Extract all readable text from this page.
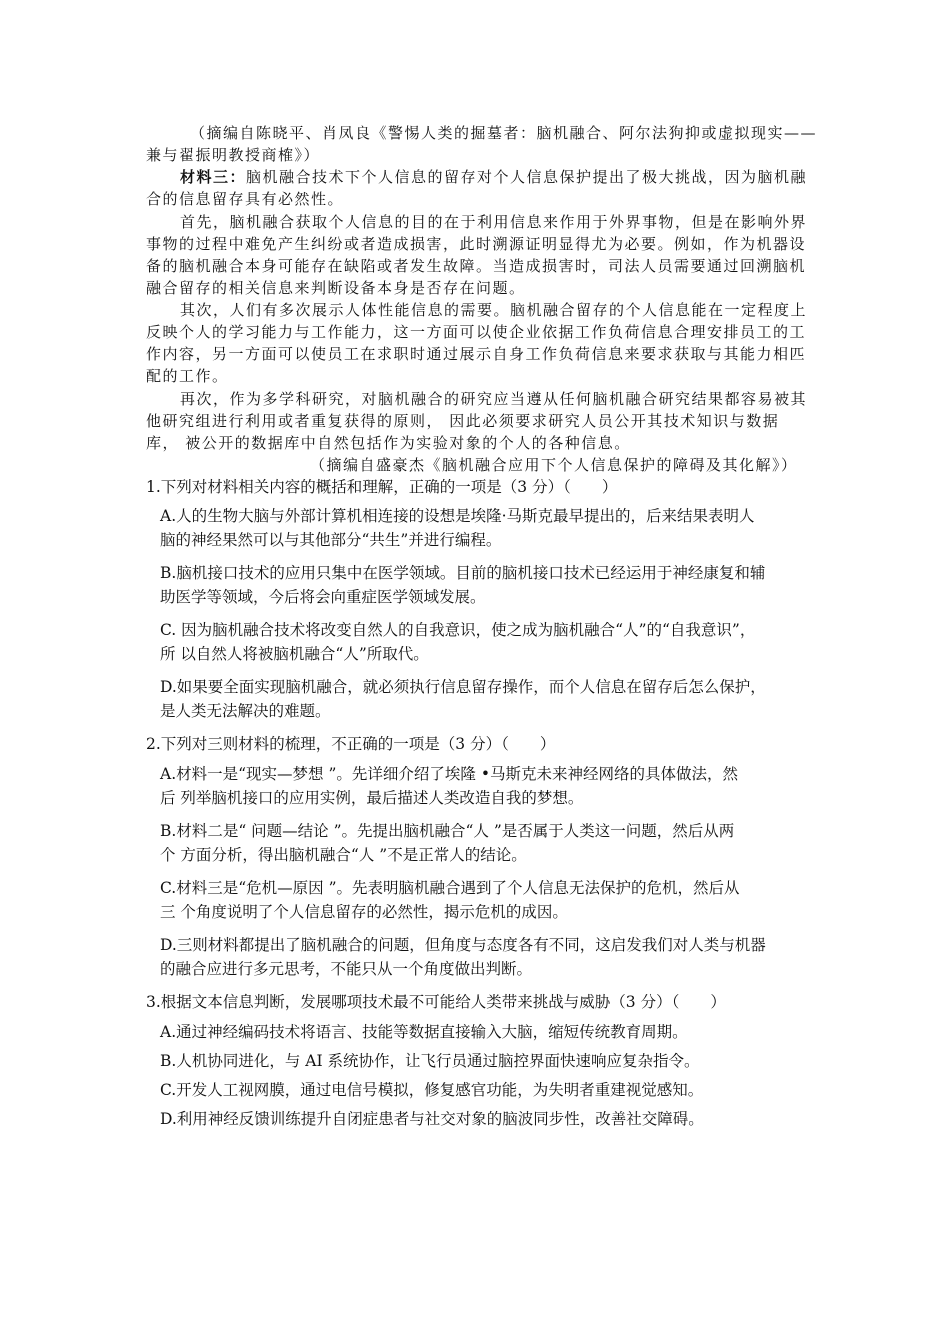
（摘编自陈晓平、肖凤良《警惕人类的掘墓者：脑机融合、阿尔法狗抑或虚拟现实——
兼与翟振明教授商榷》）
材料三：脑机融合技术下个人信息的留存对个人信息保护提出了极大挑战，因为脑机融
合的信息留存具有必然性。
首先，脑机融合获取个人信息的目的在于利用信息来作用于外界事物，但是在影响外界
事物的过程中难免产生纠纷或者造成损害，此时溯源证明显得尤为必要。例如，作为机器设
备的脑机融合本身可能存在缺陷或者发生故障。当造成损害时，司法人员需要通过回溯脑机
融合留存的相关信息来判断设备本身是否存在问题。
其次，人们有多次展示人体性能信息的需要。脑机融合留存的个人信息能在一定程度上
反映个人的学习能力与工作能力，这一方面可以使企业依据工作负荷信息合理安排员工的工
作内容，另一方面可以使员工在求职时通过展示自身工作负荷信息来要求获取与其能力相匹
配的工作。
再次，作为多学科研究，对脑机融合的研究应当遵从任何脑机融合研究结果都容易被其
他研究组进行利用或者重复获得的原则， 因此必须要求研究人员公开其技术知识与数据
库， 被公开的数据库中自然包括作为实验对象的个人的各种信息。
（摘编自盛豪杰《脑机融合应用下个人信息保护的障碍及其化解》）
1.下列对材料相关内容的概括和理解，正确的一项是（3 分）（　　）
A.人的生物大脑与外部计算机相连接的设想是埃隆·马斯克最早提出的，后来结果表明人
脑的神经果然可以与其他部分“共生”并进行编程。
B.脑机接口技术的应用只集中在医学领域。目前的脑机接口技术已经运用于神经康复和辅
助医学等领域，今后将会向重症医学领域发展。
C. 因为脑机融合技术将改变自然人的自我意识，使之成为脑机融合“人”的“自我意识”，
所 以自然人将被脑机融合“人”所取代。
D.如果要全面实现脑机融合，就必须执行信息留存操作，而个人信息在留存后怎么保护，
是人类无法解决的难题。
2.下列对三则材料的梳理，不正确的一项是（3 分）（　　）
A.材料一是“现实—梦想 ”。先详细介绍了埃隆 •马斯克未来神经网络的具体做法，然
后 列举脑机接口的应用实例，最后描述人类改造自我的梦想。
B.材料二是“ 问题—结论 ”。先提出脑机融合“人 ”是否属于人类这一问题，然后从两
个 方面分析，得出脑机融合“人 ”不是正常人的结论。
C.材料三是“危机—原因 ”。先表明脑机融合遇到了个人信息无法保护的危机，然后从
三 个角度说明了个人信息留存的必然性，揭示危机的成因。
D.三则材料都提出了脑机融合的问题，但角度与态度各有不同，这启发我们对人类与机器
的融合应进行多元思考，不能只从一个角度做出判断。
3.根据文本信息判断，发展哪项技术最不可能给人类带来挑战与威胁（3 分）（　　）
A.通过神经编码技术将语言、技能等数据直接输入大脑，缩短传统教育周期。
B.人机协同进化，与 AI 系统协作，让飞行员通过脑控界面快速响应复杂指令。
C.开发人工视网膜，通过电信号模拟，修复感官功能，为失明者重建视觉感知。
D.利用神经反馈训练提升自闭症患者与社交对象的脑波同步性，改善社交障碍。
